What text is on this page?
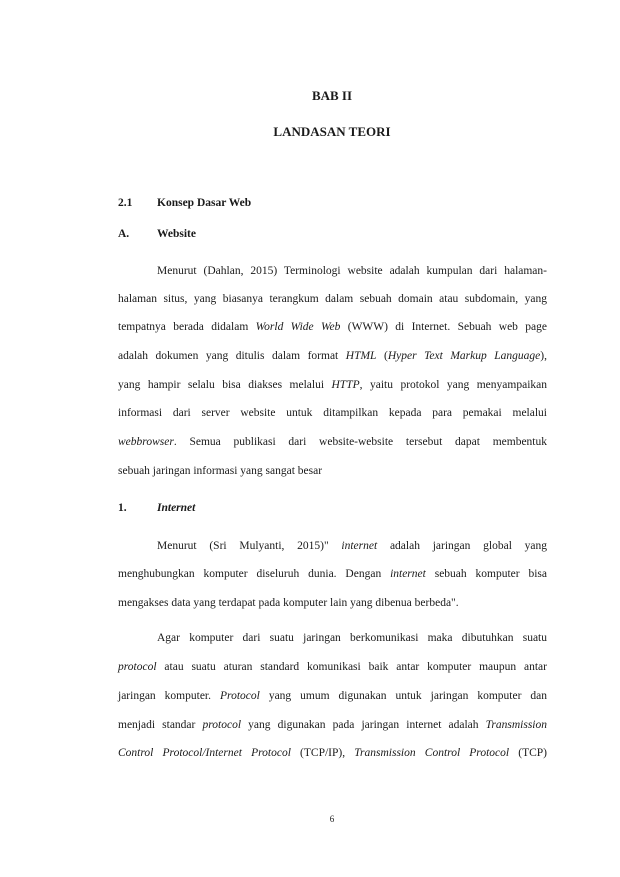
BAB II
LANDASAN TEORI
2.1 Konsep Dasar Web
A. Website
Menurut (Dahlan, 2015) Terminologi website adalah kumpulan dari halaman-
halaman situs, yang biasanya terangkum dalam sebuah domain atau subdomain, yang
tempatnya berada didalam World Wide Web (WWW) di Internet. Sebuah web page
adalah dokumen yang ditulis dalam format HTML (Hyper Text Markup Language),
yang hampir selalu bisa diakses melalui HTTP, yaitu protokol yang menyampaikan
informasi dari server website untuk ditampilkan kepada para pemakai melalui
webbrowser. Semua publikasi dari website-website tersebut dapat membentuk
sebuah jaringan informasi yang sangat besar
1.	Internet
Menurut (Sri Mulyanti, 2015)" internet adalah jaringan global yang
menghubungkan komputer diseluruh dunia. Dengan internet sebuah komputer bisa
mengakses data yang terdapat pada komputer lain yang dibenua berbeda".
Agar komputer dari suatu jaringan berkomunikasi maka dibutuhkan suatu
protocol atau suatu aturan standard komunikasi baik antar komputer maupun antar
jaringan komputer. Protocol yang umum digunakan untuk jaringan komputer dan
menjadi standar protocol yang digunakan pada jaringan internet adalah Transmission
Control Protocol/Internet Protocol (TCP/IP), Transmission Control Protocol (TCP)
6
